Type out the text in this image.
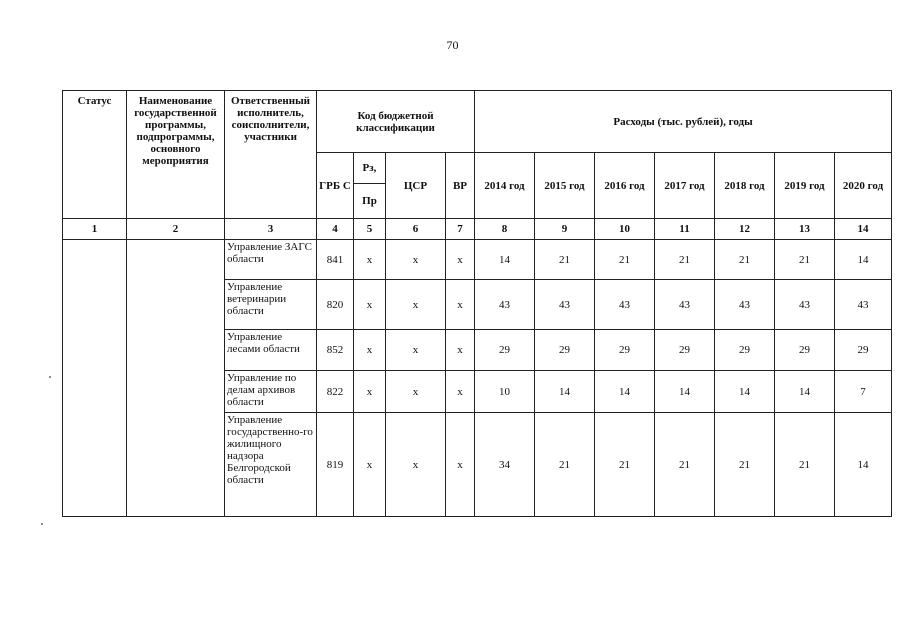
70
Статус	Наименование государственной программы, подпрограммы, основного мероприятия	Ответственный исполнитель, соисполнители, участники	Код бюджетной классификации				Расходы (тыс. рублей), годы						
			ГРБ С	Рз,	ЦСР	ВР	2014 год	2015 год	2016 год	2017 год	2018 год	2019 год	2020 год
				Пр									
1	2	3	4	5	6	7	8	9	10	11	12	13	14
		Управление ЗАГС области	841	х	х	х	14	21	21	21	21	21	14
		Управление ветеринарии области	820	х	х	х	43	43	43	43	43	43	43
		Управление лесами области	852	х	х	х	29	29	29	29	29	29	29
		Управление по делам архивов области	822	х	х	х	10	14	14	14	14	14	7
		Управление государственно-го жилищного надзора Белгородской области	819	х	х	х	34	21	21	21	21	21	14
